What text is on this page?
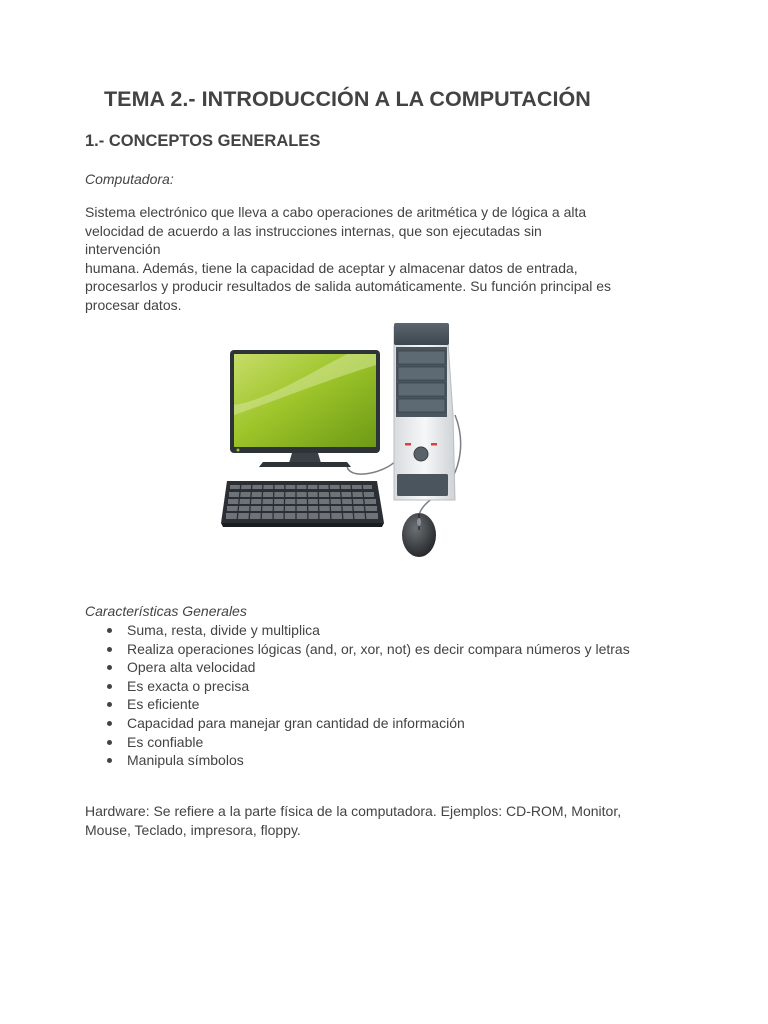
TEMA 2.- INTRODUCCIÓN A LA COMPUTACIÓN
1.- CONCEPTOS GENERALES

Computadora:

Sistema electrónico que lleva a cabo operaciones de aritmética y de lógica a alta
velocidad de acuerdo a las instrucciones internas, que son ejecutadas sin intervención
humana. Además, tiene la capacidad de aceptar y almacenar datos de entrada,
procesarlos y producir resultados de salida automáticamente. Su función principal es
procesar datos.

Características Generales

Suma, resta, divide y multiplica
Realiza operaciones lógicas (and, or, xor, not) es decir compara números y letras
Opera alta velocidad
Es exacta o precisa
Es eficiente
Capacidad para manejar gran cantidad de información
Es confiable
Manipula símbolos

Hardware: Se refiere a la parte física de la computadora. Ejemplos: CD-ROM, Monitor,
Mouse, Teclado, impresora, floppy.
